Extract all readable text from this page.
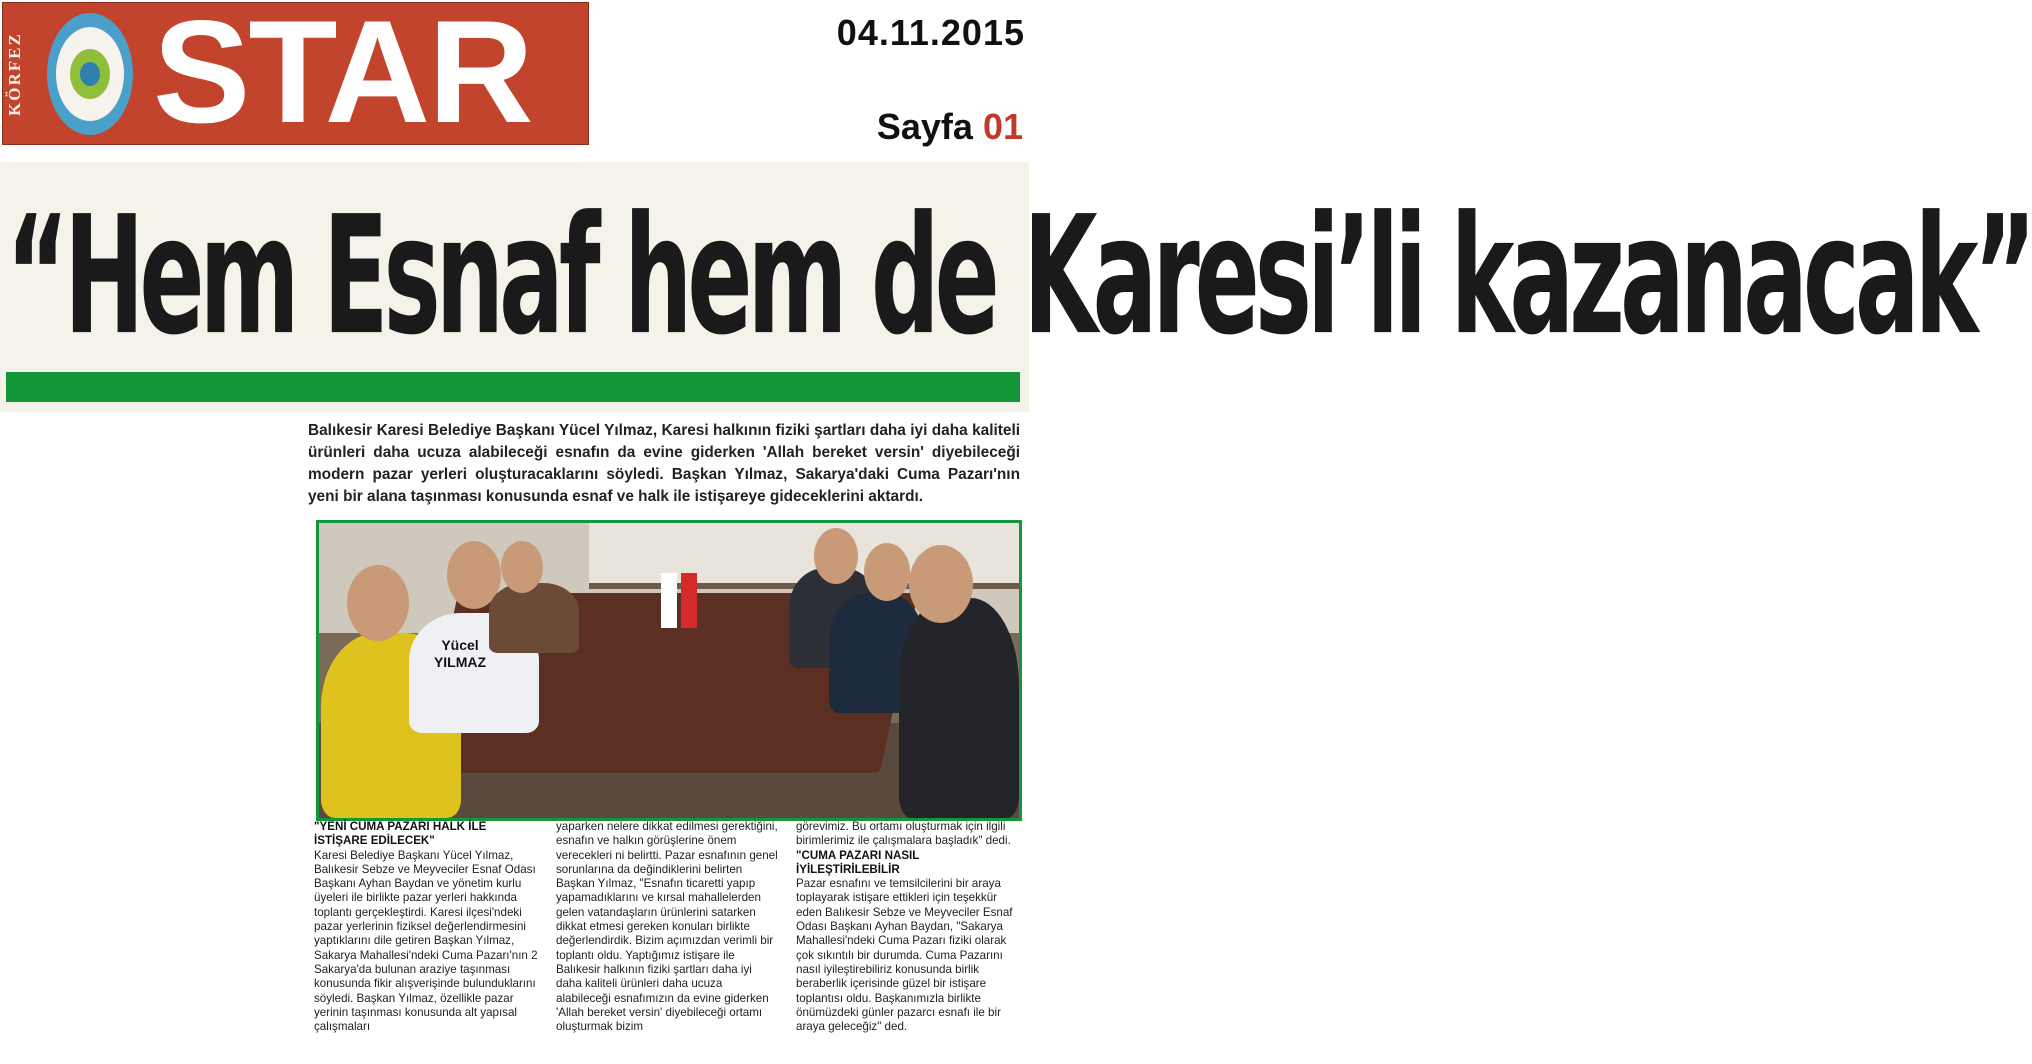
KÖRFEZ STAR	04.11.2015
Sayfa 01
“Hem Esnaf hem de Karesi’li kazanacak”
Balıkesir Karesi Belediye Başkanı Yücel Yılmaz, Karesi halkının fiziki şartları daha iyi daha kaliteli ürünleri daha ucuza alabileceği esnafın da evine giderken 'Allah bereket versin' diyebileceği modern pazar yerleri oluşturacaklarını söyledi. Başkan Yılmaz, Sakarya'daki Cuma Pazarı'nın yeni bir alana taşınması konusunda esnaf ve halk ile istişareye gideceklerini aktardı.
Yücel YILMAZ
"YENİ CUMA PAZARI HALK İLE İSTİŞARE EDİLECEK"
Karesi Belediye Başkanı Yücel Yılmaz, Balıkesir Sebze ve Meyveciler Esnaf Odası Başkanı Ayhan Baydan ve yönetim kurlu üyeleri ile birlikte pazar yerleri hakkında toplantı gerçekleştirdi. Karesi ilçesi'ndeki pazar yerlerinin fiziksel değerlendirmesini yaptıklarını dile getiren Başkan Yılmaz, Sakarya Mahallesi'ndeki Cuma Pazarı'nın 2 Sakarya'da bulunan araziye taşınması konusunda fikir alışverişinde bulunduklarını söyledi. Başkan Yılmaz, özellikle pazar yerinin taşınması konusunda alt yapısal çalışmaları
yaparken nelere dikkat edilmesi gerektiğini, esnafın ve halkın görüşlerine önem verecekleri ni belirtti. Pazar esnafının genel sorunlarına da değindiklerini belirten Başkan Yılmaz, "Esnafın ticaretti yapıp yapamadıklarını ve kırsal mahallelerden gelen vatandaşların ürünlerini satarken dikkat etmesi gereken konuları birlikte değerlendirdik. Bizim açımızdan verimli bir toplantı oldu. Yaptığımız istişare ile Balıkesir halkının fiziki şartları daha iyi daha kaliteli ürünleri daha ucuza alabileceği esnafımızın da evine giderken 'Allah bereket versin' diyebileceği ortamı oluşturmak bizim
görevimiz. Bu ortamı oluşturmak için ilgili birimlerimiz ile çalışmalara başladık" dedi.
"CUMA PAZARI NASIL İYİLEŞTİRİLEBİLİR
Pazar esnafını ve temsilcilerini bir araya toplayarak istişare ettikleri için teşekkür eden Balıkesir Sebze ve Meyveciler Esnaf Odası Başkanı Ayhan Baydan, "Sakarya Mahallesi'ndeki Cuma Pazarı fiziki olarak çok sıkıntılı bir durumda. Cuma Pazarını nasıl iyileştirebiliriz konusunda birlik beraberlik içerisinde güzel bir istişare toplantısı oldu. Başkanımızla birlikte önümüzdeki günler pazarcı esnafı ile bir araya geleceğiz" ded.
